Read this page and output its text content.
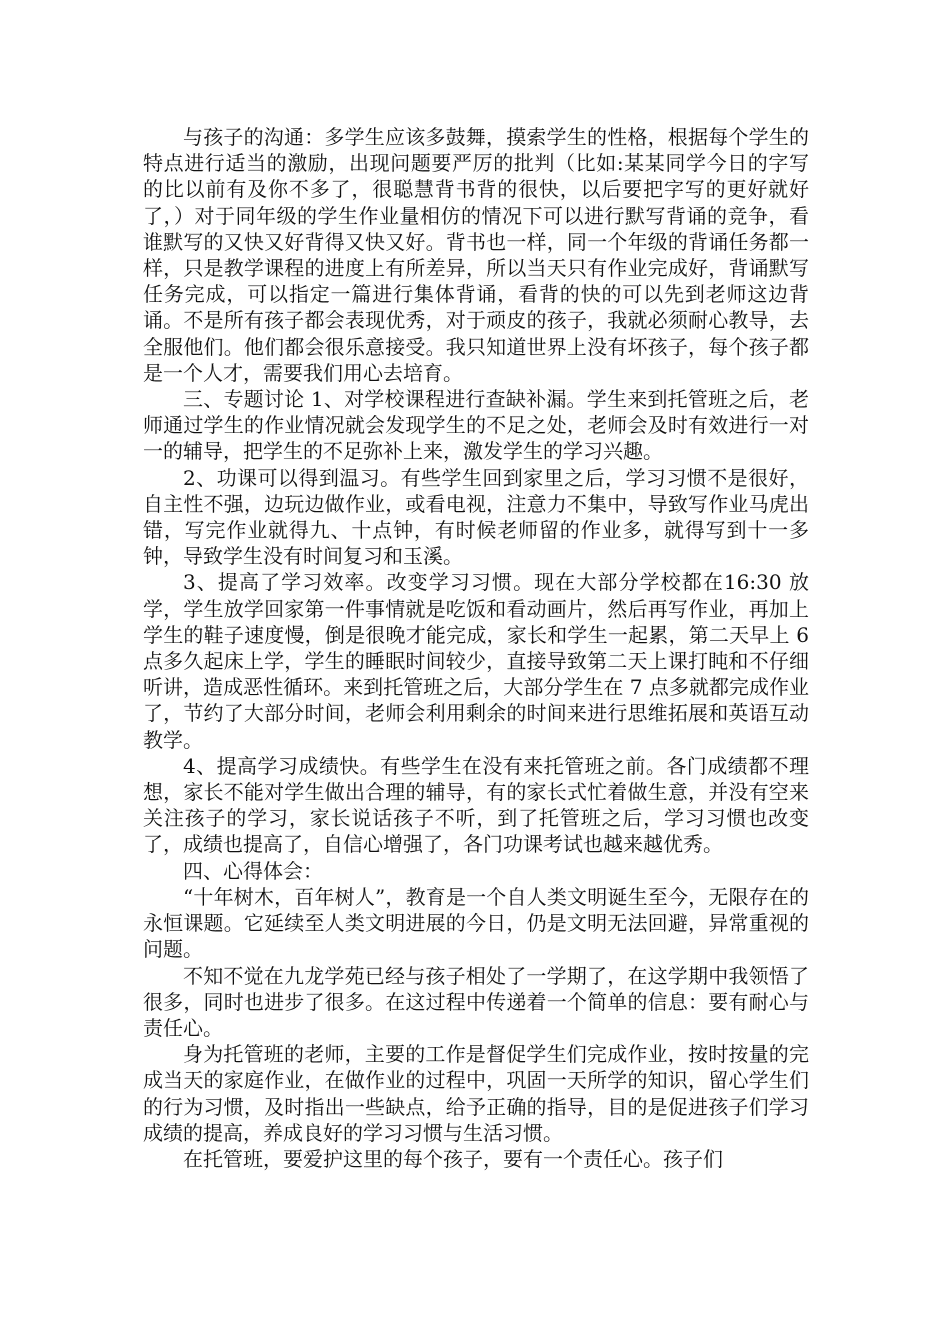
与孩子的沟通：多学生应该多鼓舞，摸索学生的性格，根据每个学生的特点进行适当的激励，出现问题要严厉的批判（比如:某某同学今日的字写的比以前有及你不多了，很聪慧背书背的很快，以后要把字写的更好就好了，）对于同年级的学生作业量相仿的情况下可以进行默写背诵的竞争，看谁默写的又快又好背得又快又好。背书也一样，同一个年级的背诵任务都一样，只是教学课程的进度上有所差异，所以当天只有作业完成好，背诵默写任务完成，可以指定一篇进行集体背诵，看背的快的可以先到老师这边背诵。不是所有孩子都会表现优秀，对于顽皮的孩子，我就必须耐心教导，去全服他们。他们都会很乐意接受。我只知道世界上没有坏孩子，每个孩子都是一个人才，需要我们用心去培育。

三、专题讨论 1、对学校课程进行查缺补漏。学生来到托管班之后，老师通过学生的作业情况就会发现学生的不足之处，老师会及时有效进行一对一的辅导，把学生的不足弥补上来，激发学生的学习兴趣。

2、功课可以得到温习。有些学生回到家里之后，学习习惯不是很好，自主性不强，边玩边做作业，或看电视，注意力不集中，导致写作业马虎出错，写完作业就得九、十点钟，有时候老师留的作业多，就得写到十一多钟，导致学生没有时间复习和玉溪。

3、提高了学习效率。改变学习习惯。现在大部分学校都在16:30 放学，学生放学回家第一件事情就是吃饭和看动画片，然后再写作业，再加上学生的鞋子速度慢，倒是很晚才能完成，家长和学生一起累，第二天早上 6 点多久起床上学，学生的睡眠时间较少，直接导致第二天上课打盹和不仔细听讲，造成恶性循环。来到托管班之后，大部分学生在 7 点多就都完成作业了，节约了大部分时间，老师会利用剩余的时间来进行思维拓展和英语互动教学。

4、提高学习成绩快。有些学生在没有来托管班之前。各门成绩都不理想，家长不能对学生做出合理的辅导，有的家长式忙着做生意，并没有空来关注孩子的学习，家长说话孩子不听，到了托管班之后，学习习惯也改变了，成绩也提高了，自信心增强了，各门功课考试也越来越优秀。

四、心得体会：

“十年树木，百年树人”，教育是一个自人类文明诞生至今，无限存在的永恒课题。它延续至人类文明进展的今日，仍是文明无法回避，异常重视的问题。

不知不觉在九龙学苑已经与孩子相处了一学期了，在这学期中我领悟了很多，同时也进步了很多。在这过程中传递着一个简单的信息：要有耐心与责任心。

身为托管班的老师，主要的工作是督促学生们完成作业，按时按量的完成当天的家庭作业，在做作业的过程中，巩固一天所学的知识，留心学生们的行为习惯，及时指出一些缺点，给予正确的指导，目的是促进孩子们学习成绩的提高，养成良好的学习习惯与生活习惯。

在托管班，要爱护这里的每个孩子，要有一个责任心。孩子们
